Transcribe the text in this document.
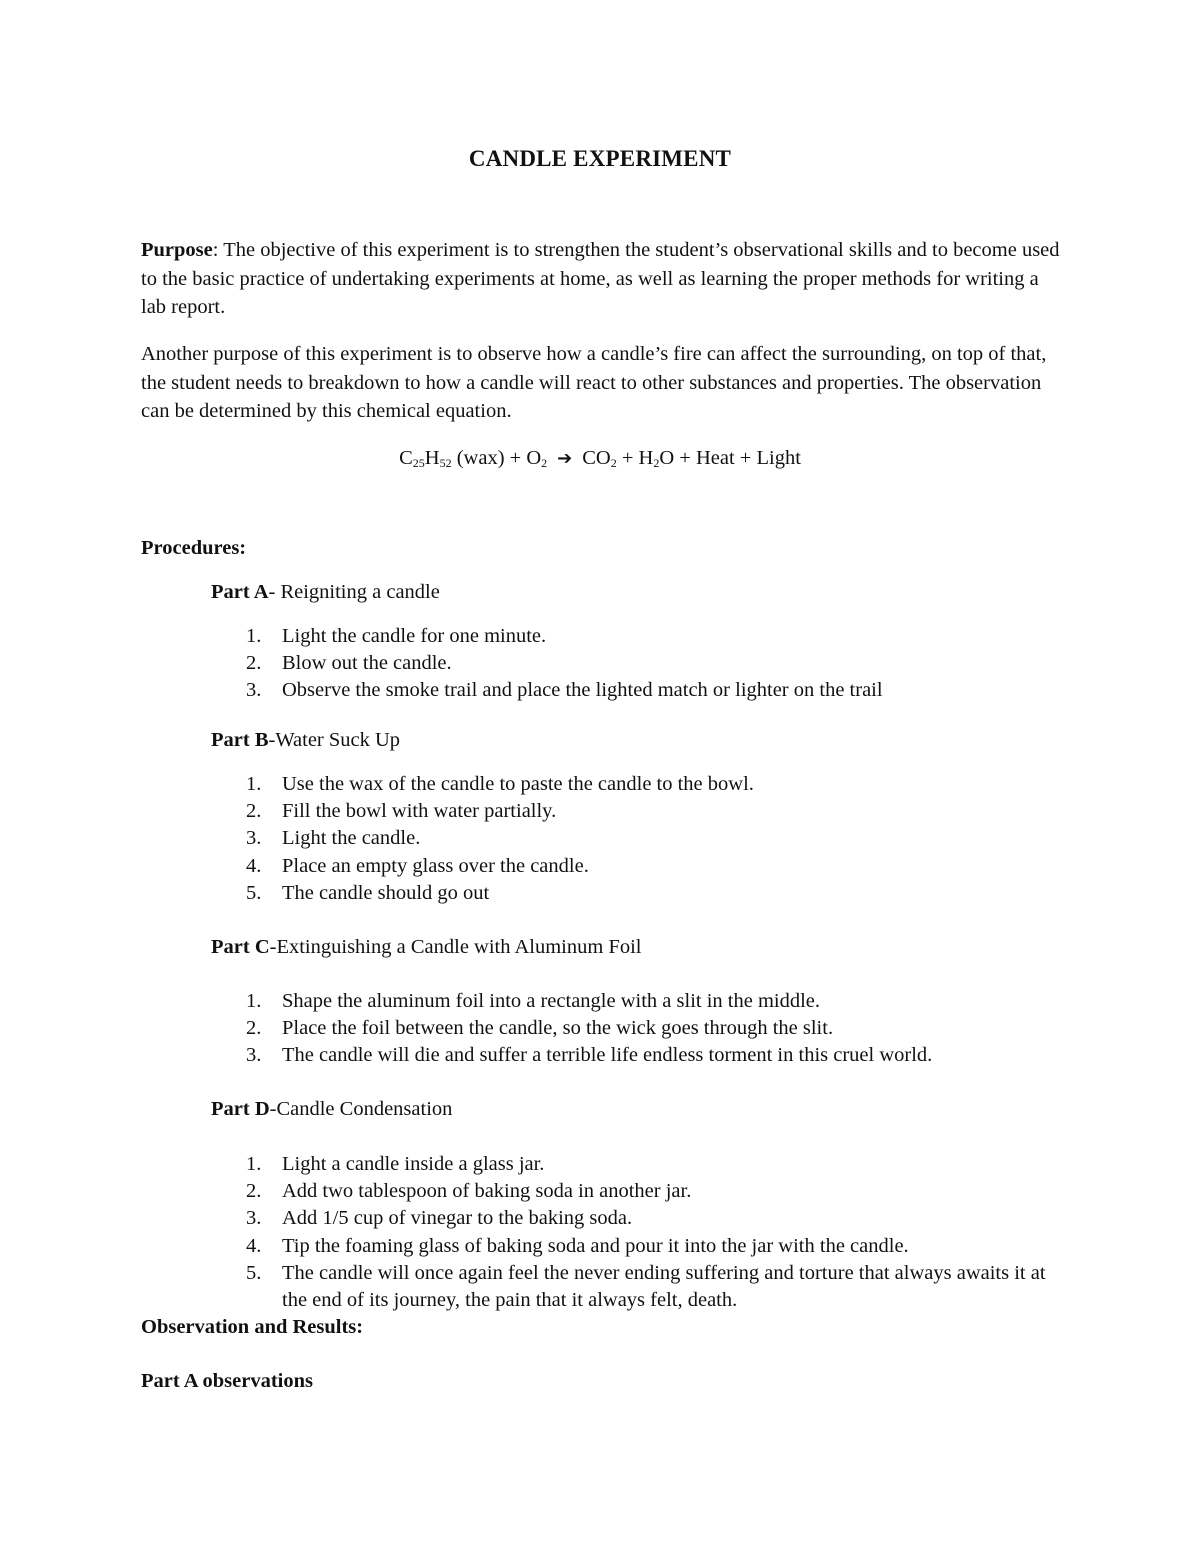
CANDLE EXPERIMENT

Purpose: The objective of this experiment is to strengthen the student’s observational skills and to become used to the basic practice of undertaking experiments at home, as well as learning the proper methods for writing a lab report.

Another purpose of this experiment is to observe how a candle’s fire can affect the surrounding, on top of that, the student needs to breakdown to how a candle will react to other substances and properties. The observation can be determined by this chemical equation.

$C_{25}H_{52}$ $(wax) + O_2$ ➔ $CO_2 + H_2O$ + Heat + Light
Procedures:
Part A- Reigniting a candle
1. Light the candle for one minute.
2. Blow out the candle.
3. Observe the smoke trail and place the lighted match or lighter on the trail
Part B-Water Suck Up
1. Use the wax of the candle to paste the candle to the bowl.
2. Fill the bowl with water partially.
3. Light the candle.
4. Place an empty glass over the candle.
5. The candle should go out
Part C-Extinguishing a Candle with Aluminum Foil
1. Shape the aluminum foil into a rectangle with a slit in the middle.
2. Place the foil between the candle, so the wick goes through the slit.
3. The candle will die and suffer a terrible life endless torment in this cruel world.
Part D-Candle Condensation
1. Light a candle inside a glass jar.
2. Add two tablespoon of baking soda in another jar.
3. Add 1/5 cup of vinegar to the baking soda.
4. Tip the foaming glass of baking soda and pour it into the jar with the candle.
5. The candle will once again feel the never ending suffering and torture that always awaits it at the end of its journey, the pain that it always felt, death.
Observation and Results:
Part A observations
